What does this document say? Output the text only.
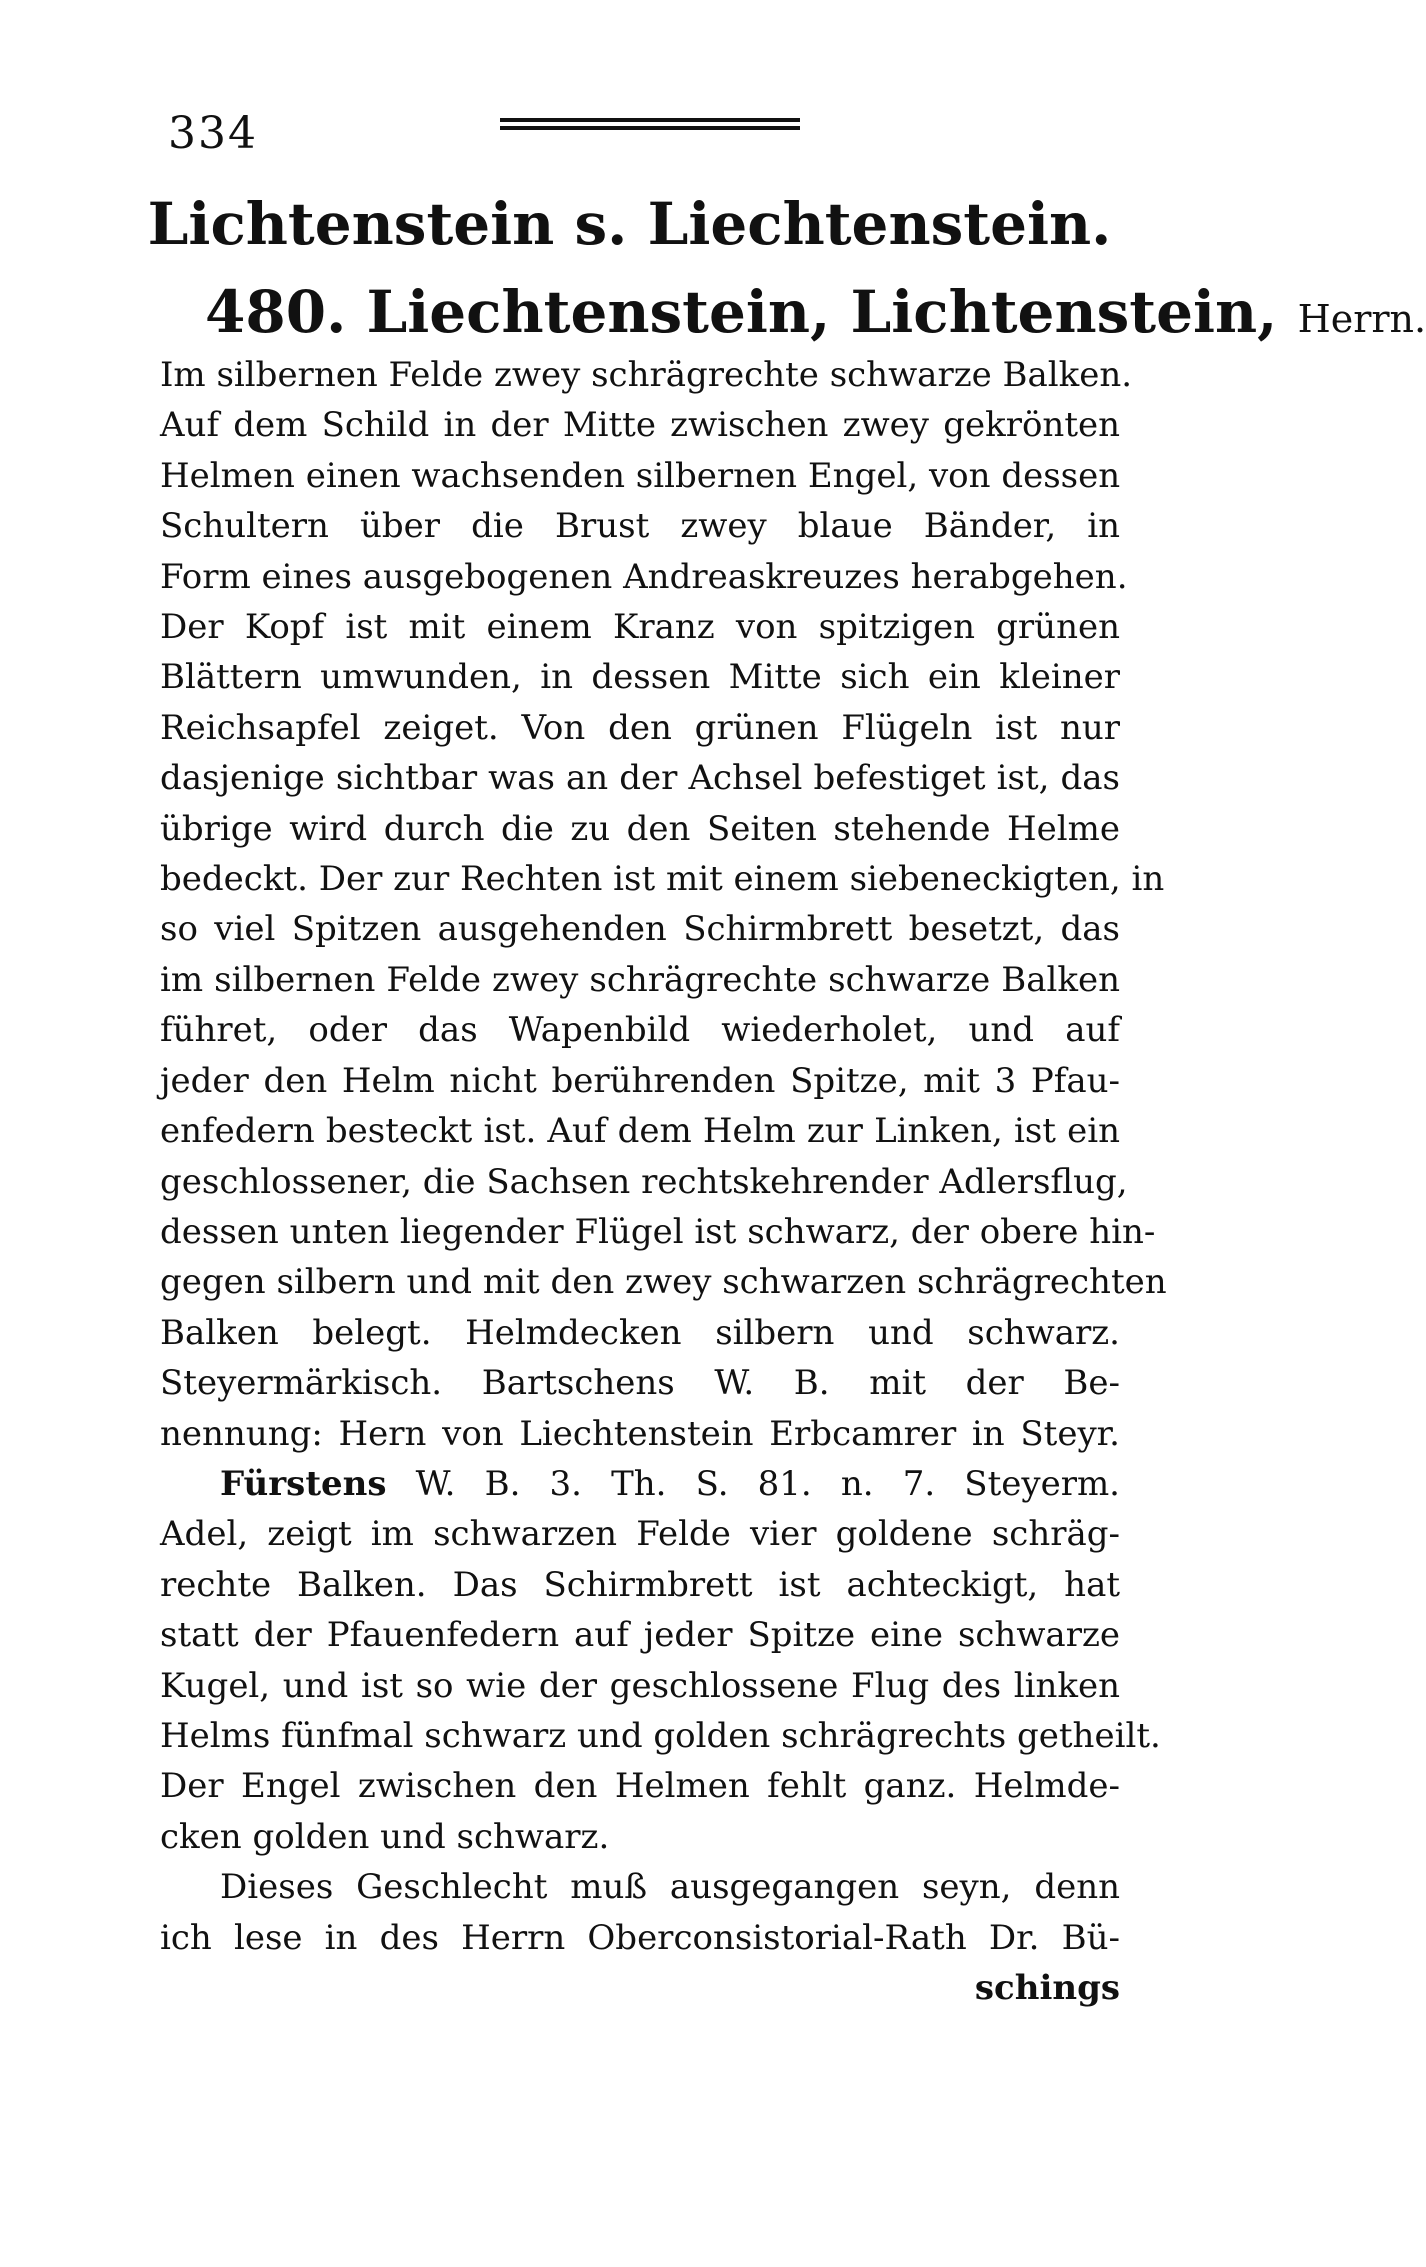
334
Lichtenstein s. Liechtenstein.
480. Liechtenstein, Lichtenstein, Herrn.
Im silbernen Felde zwey schrägrechte schwarze Balken.
Auf dem Schild in der Mitte zwischen zwey gekrönten
Helmen einen wachsenden silbernen Engel, von dessen
Schultern über die Brust zwey blaue Bänder, in
Form eines ausgebogenen Andreaskreuzes herabgehen.
Der Kopf ist mit einem Kranz von spitzigen grünen
Blättern umwunden, in dessen Mitte sich ein kleiner
Reichsapfel zeiget. Von den grünen Flügeln ist nur
dasjenige sichtbar was an der Achsel befestiget ist, das
übrige wird durch die zu den Seiten stehende Helme
bedeckt. Der zur Rechten ist mit einem siebeneckigten, in
so viel Spitzen ausgehenden Schirmbrett besetzt, das
im silbernen Felde zwey schrägrechte schwarze Balken
führet, oder das Wapenbild wiederholet, und auf
jeder den Helm nicht berührenden Spitze, mit 3 Pfau-
enfedern besteckt ist. Auf dem Helm zur Linken, ist ein
geschlossener, die Sachsen rechtskehrender Adlersflug,
dessen unten liegender Flügel ist schwarz, der obere hin-
gegen silbern und mit den zwey schwarzen schrägrechten
Balken belegt. Helmdecken silbern und schwarz.
Steyermärkisch. Bartschens W. B. mit der Be-
nennung: Hern von Liechtenstein Erbcamrer in Steyr.
Fürstens W. B. 3. Th. S. 81. n. 7. Steyerm.
Adel, zeigt im schwarzen Felde vier goldene schräg-
rechte Balken. Das Schirmbrett ist achteckigt, hat
statt der Pfauenfedern auf jeder Spitze eine schwarze
Kugel, und ist so wie der geschlossene Flug des linken
Helms fünfmal schwarz und golden schrägrechts getheilt.
Der Engel zwischen den Helmen fehlt ganz. Helmde-
cken golden und schwarz.
Dieses Geschlecht muß ausgegangen seyn, denn
ich lese in des Herrn Oberconsistorial-Rath Dr. Bü-
schings
